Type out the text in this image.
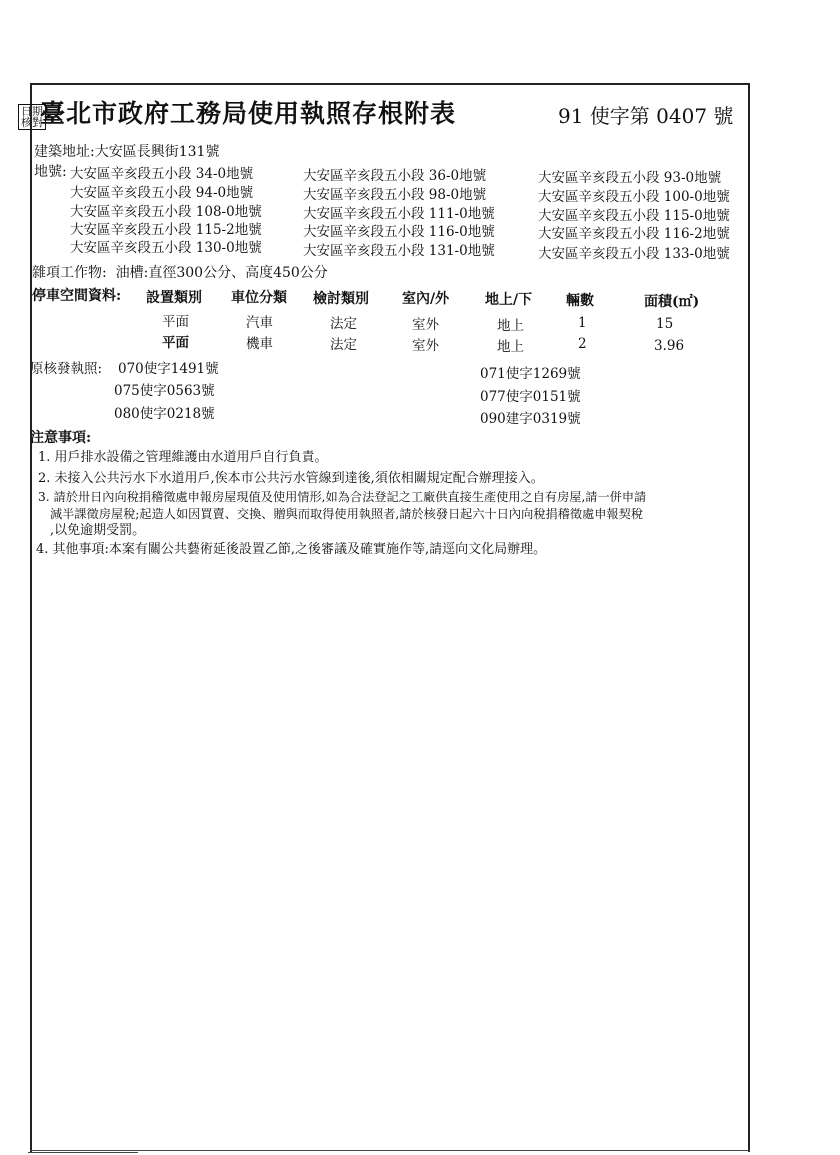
日期
核對
臺北市政府工務局使用執照存根附表	91 使字第 0407 號
建築地址:大安區長興街131號
地號: 大安區辛亥段五小段 34-0地號	大安區辛亥段五小段 36-0地號	大安區辛亥段五小段 93-0地號
大安區辛亥段五小段 94-0地號	大安區辛亥段五小段 98-0地號	大安區辛亥段五小段 100-0地號
大安區辛亥段五小段 108-0地號	大安區辛亥段五小段 111-0地號	大安區辛亥段五小段 115-0地號
大安區辛亥段五小段 115-2地號	大安區辛亥段五小段 116-0地號	大安區辛亥段五小段 116-2地號
大安區辛亥段五小段 130-0地號	大安區辛亥段五小段 131-0地號	大安區辛亥段五小段 133-0地號
雜項工作物: 油槽:直徑300公分、高度450公分
停車空間資料: 設置類別 車位分類 檢討類別 室內/外	地上/下 輛數	面積(㎡)
平面	汽車	法定	室外	地上	1	15
平面	機車	法定	室外	地上	2	3.96
原核發執照: 070使字1491號
075使字0563號
080使字0218號
071使字1269號
077使字0151號
090建字0319號
注意事項:
1. 用戶排水設備之管理維護由水道用戶自行負責。
2. 未接入公共污水下水道用戶,俟本市公共污水管線到達後,須依相關規定配合辦理接入。
3. 請於卅日內向稅捐稽徵處申報房屋現值及使用情形,如為合法登記之工廠供直接生產使用之自有房屋,請一併申請
減半課徵房屋稅;起造人如因買賣、交換、贈與而取得使用執照者,請於核發日起六十日內向稅捐稽徵處申報契稅
,以免逾期受罰。
4. 其他事項:本案有關公共藝術延後設置乙節,之後審議及確實施作等,請逕向文化局辦理。
